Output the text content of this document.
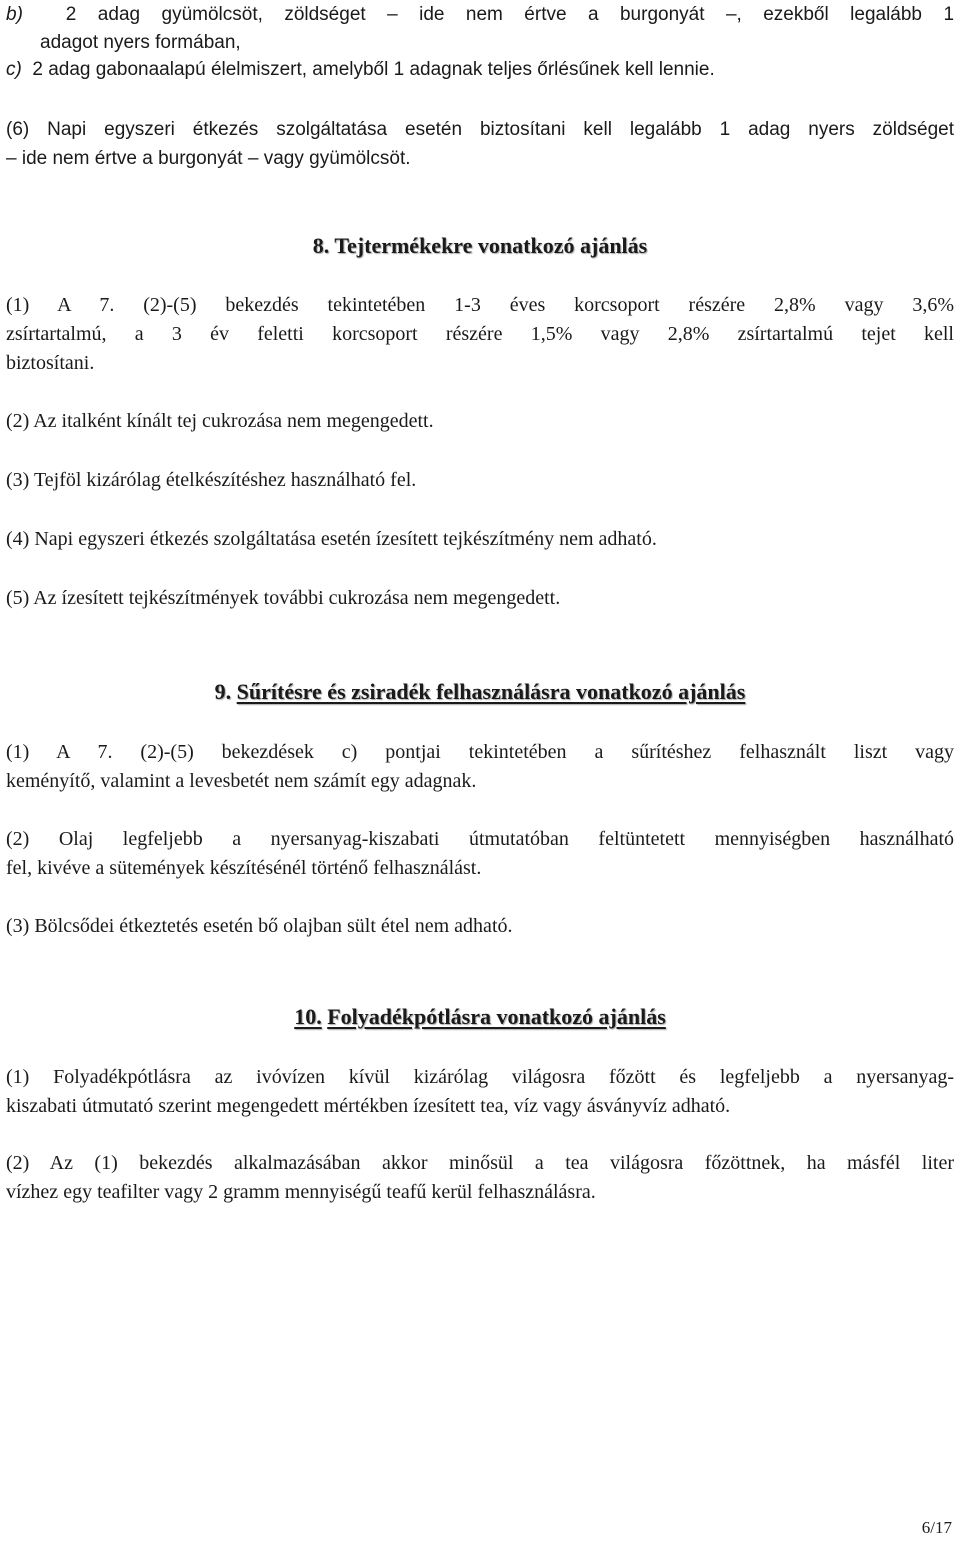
b) 2 adag gyümölcsöt, zöldséget – ide nem értve a burgonyát –, ezekből legalább 1
adagot nyers formában,
c) 2 adag gabonaalapú élelmiszert, amelyből 1 adagnak teljes őrlésűnek kell lennie.
(6) Napi egyszeri étkezés szolgáltatása esetén biztosítani kell legalább 1 adag nyers zöldséget
– ide nem értve a burgonyát – vagy gyümölcsöt.
8. Tejtermékekre vonatkozó ajánlás
(1) A 7. (2)-(5) bekezdés tekintetében 1-3 éves korcsoport részére 2,8% vagy 3,6%
zsírtartalmú, a 3 év feletti korcsoport részére 1,5% vagy 2,8% zsírtartalmú tejet kell
biztosítani.
(2) Az italként kínált tej cukrozása nem megengedett.
(3) Tejföl kizárólag ételkészítéshez használható fel.
(4) Napi egyszeri étkezés szolgáltatása esetén ízesített tejkészítmény nem adható.
(5) Az ízesített tejkészítmények további cukrozása nem megengedett.
9. Sűrítésre és zsiradék felhasználásra vonatkozó ajánlás
(1) A 7. (2)-(5) bekezdések c) pontjai tekintetében a sűrítéshez felhasznált liszt vagy
keményítő, valamint a levesbetét nem számít egy adagnak.
(2) Olaj legfeljebb a nyersanyag-kiszabati útmutatóban feltüntetett mennyiségben használható
fel, kivéve a sütemények készítésénél történő felhasználást.
(3) Bölcsődei étkeztetés esetén bő olajban sült étel nem adható.
10. Folyadékpótlásra vonatkozó ajánlás
(1) Folyadékpótlásra az ivóvízen kívül kizárólag világosra főzött és legfeljebb a nyersanyag-
kiszabati útmutató szerint megengedett mértékben ízesített tea, víz vagy ásványvíz adható.
(2) Az (1) bekezdés alkalmazásában akkor minősül a tea világosra főzöttnek, ha másfél liter
vízhez egy teafilter vagy 2 gramm mennyiségű teafű kerül felhasználásra.
6/17
